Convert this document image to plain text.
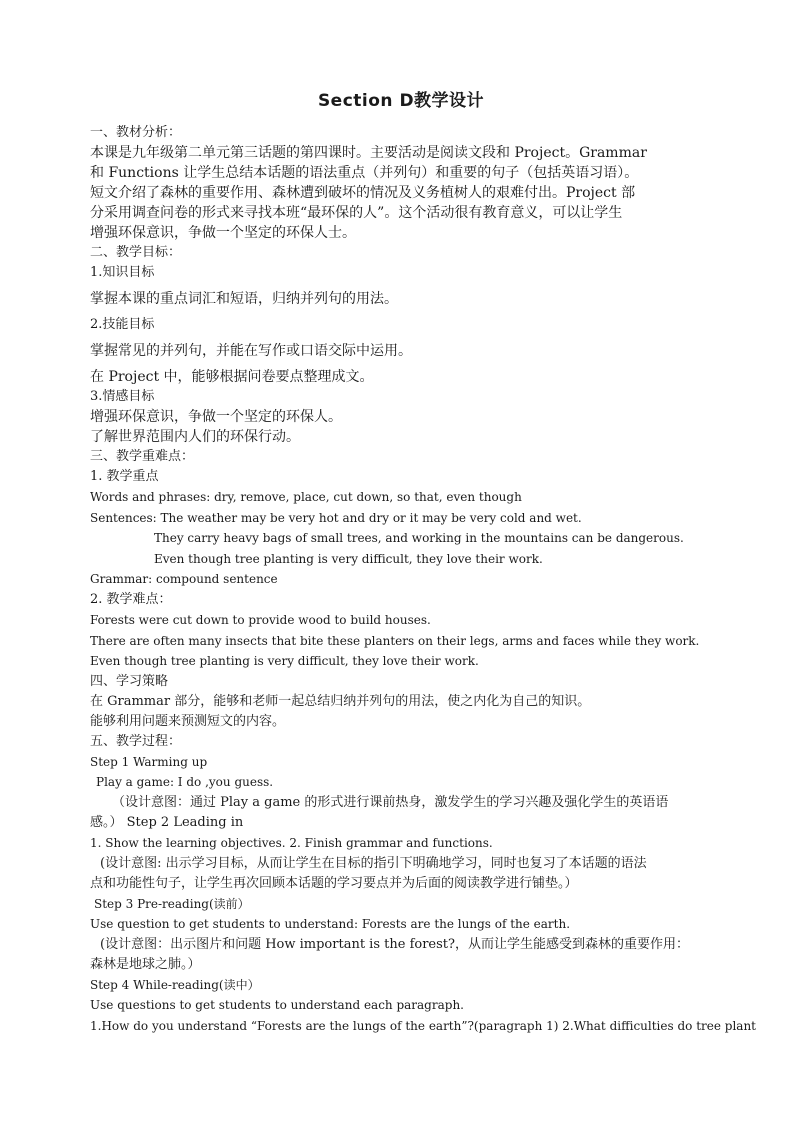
Section D教学设计

一、教材分析：

本课是九年级第二单元第三话题的第四课时。主要活动是阅读文段和 Project。Grammar

和 Functions 让学生总结本话题的语法重点（并列句）和重要的句子（包括英语习语）。

短文介绍了森林的重要作用、森林遭到破坏的情况及义务植树人的艰难付出。Project 部

分采用调查问卷的形式来寻找本班“最环保的人”。这个活动很有教育意义，可以让学生

增强环保意识，争做一个坚定的环保人士。

二、教学目标：

1.知识目标

掌握本课的重点词汇和短语，归纳并列句的用法。

2.技能目标

掌握常见的并列句，并能在写作或口语交际中运用。

在 Project 中，能够根据问卷要点整理成文。

3.情感目标

增强环保意识，争做一个坚定的环保人。

了解世界范围内人们的环保行动。

三、教学重难点：

1. 教学重点

Words and phrases: dry, remove, place, cut down, so that, even though

Sentences: The weather may be very hot and dry or it may be very cold and wet.

They carry heavy bags of small trees, and working in the mountains can be dangerous.

Even though tree planting is very difficult, they love their work.

Grammar: compound sentence

2. 教学难点：

Forests were cut down to provide wood to build houses.

There are often many insects that bite these planters on their legs, arms and faces while they work.

Even though tree planting is very difficult, they love their work.

四、学习策略

在 Grammar 部分，能够和老师一起总结归纳并列句的用法，使之内化为自己的知识。

能够利用问题来预测短文的内容。

五、教学过程：

Step 1 Warming up

Play a game: I do ,you guess.

（设计意图：通过 Play a game 的形式进行课前热身，激发学生的学习兴趣及强化学生的英语语

感。） Step 2 Leading in

1. Show the learning objectives. 2. Finish grammar and functions.

(设计意图: 出示学习目标，从而让学生在目标的指引下明确地学习，同时也复习了本话题的语法

点和功能性句子，让学生再次回顾本话题的学习要点并为后面的阅读教学进行铺垫。）

Step 3 Pre-reading(读前）

Use question to get students to understand: Forests are the lungs of the earth.

(设计意图：出示图片和问题 How important is the forest?，从而让学生能感受到森林的重要作用：

森林是地球之肺。）

Step 4 While-reading(读中）

Use questions to get students to understand each paragraph.

1.How do you understand “Forests are the lungs of the earth”?(paragraph 1) 2.What difficulties do tree plant
